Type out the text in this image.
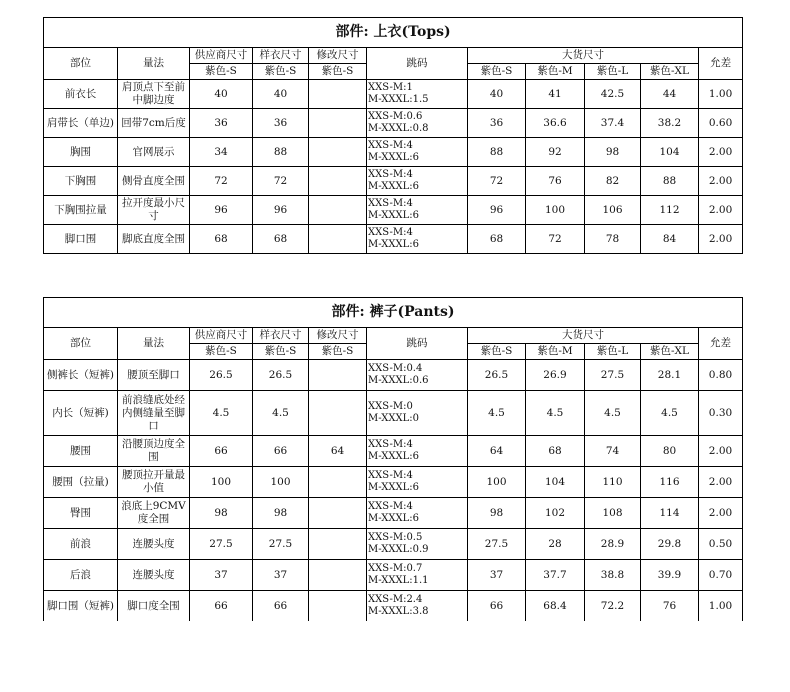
部件: 上衣(Tops)										
部位	量法	供应商尺寸	样衣尺寸	修改尺寸	跳码	大货尺寸				允差
		紫色-S	紫色-S	紫色-S		紫色-S	紫色-M	紫色-L	紫色-XL	
前衣长	肩顶点下至前中脚边度	40	40		XXS-M:1
M-XXXL:1.5	40	41	42.5	44	1.00
肩带长（单边)	回带7cm后度	36	36		XXS-M:0.6
M-XXXL:0.8	36	36.6	37.4	38.2	0.60
胸围	官网展示	34	88		XXS-M:4
M-XXXL:6	88	92	98	104	2.00
下胸围	侧骨直度全围	72	72		XXS-M:4
M-XXXL:6	72	76	82	88	2.00
下胸围拉量	拉开度最小尺寸	96	96		XXS-M:4
M-XXXL:6	96	100	106	112	2.00
脚口围	脚底直度全围	68	68		XXS-M:4
M-XXXL:6	68	72	78	84	2.00
部件: 裤子(Pants)										
部位	量法	供应商尺寸	样衣尺寸	修改尺寸	跳码	大货尺寸				允差
		紫色-S	紫色-S	紫色-S		紫色-S	紫色-M	紫色-L	紫色-XL	
侧裤长（短裤)	腰顶至脚口	26.5	26.5		XXS-M:0.4
M-XXXL:0.6	26.5	26.9	27.5	28.1	0.80
内长（短裤)	前浪缝底处经内侧缝量至脚口	4.5	4.5		XXS-M:0
M-XXXL:0	4.5	4.5	4.5	4.5	0.30
腰围	沿腰顶边度全围	66	66	64	XXS-M:4
M-XXXL:6	64	68	74	80	2.00
腰围（拉量)	腰顶拉开量最小值	100	100		XXS-M:4
M-XXXL:6	100	104	110	116	2.00
臀围	浪底上9CMV度全围	98	98		XXS-M:4
M-XXXL:6	98	102	108	114	2.00
前浪	连腰头度	27.5	27.5		XXS-M:0.5
M-XXXL:0.9	27.5	28	28.9	29.8	0.50
后浪	连腰头度	37	37		XXS-M:0.7
M-XXXL:1.1	37	37.7	38.8	39.9	0.70
脚口围（短裤)	脚口度全围	66	66		XXS-M:2.4
M-XXXL:3.8	66	68.4	72.2	76	1.00
